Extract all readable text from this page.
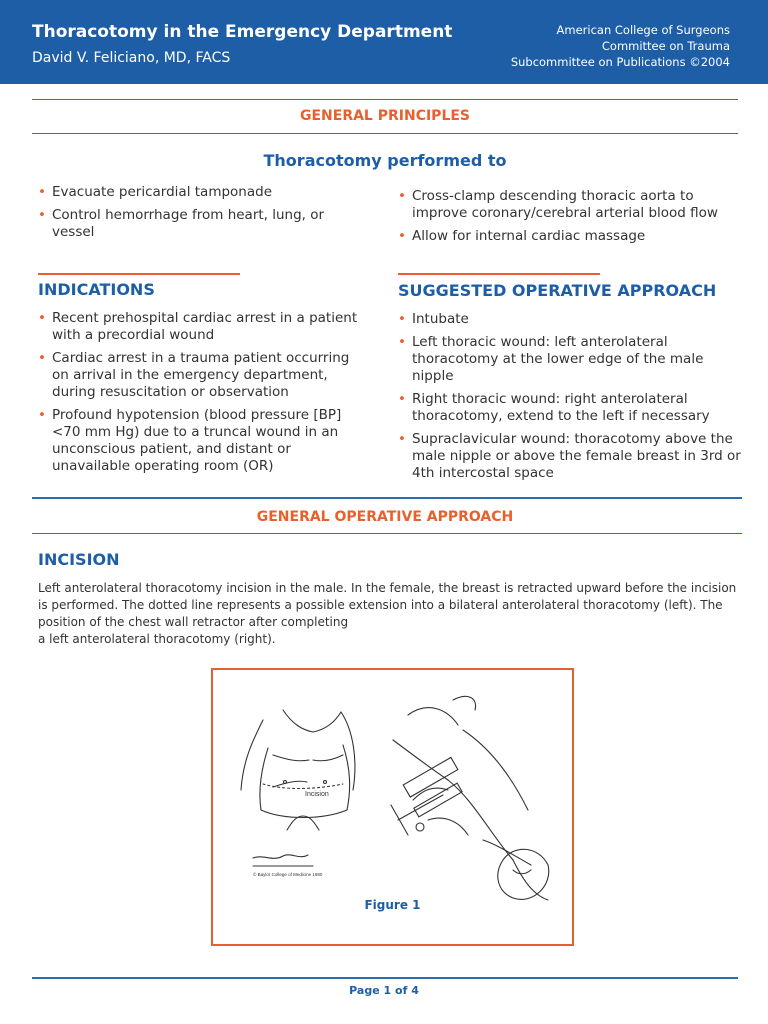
Thoracotomy in the Emergency Department
David V. Feliciano, MD, FACS
American College of Surgeons
Committee on Trauma
Subcommittee on Publications ©2004
GENERAL PRINCIPLES
Thoracotomy performed to
• Evacuate pericardial tamponade
• Control hemorrhage from heart, lung, or vessel
• Cross-clamp descending thoracic aorta to improve coronary/cerebral arterial blood flow
• Allow for internal cardiac massage
INDICATIONS
• Recent prehospital cardiac arrest in a patient with a precordial wound
• Cardiac arrest in a trauma patient occurring on arrival in the emergency department, during resuscitation or observation
• Profound hypotension (blood pressure [BP] <70 mm Hg) due to a truncal wound in an unconscious patient, and distant or unavailable operating room (OR)
SUGGESTED OPERATIVE APPROACH
• Intubate
• Left thoracic wound: left anterolateral thoracotomy at the lower edge of the male nipple
• Right thoracic wound: right anterolateral thoracotomy, extend to the left if necessary
• Supraclavicular wound: thoracotomy above the male nipple or above the female breast in 3rd or 4th intercostal space
GENERAL OPERATIVE APPROACH
INCISION
Left anterolateral thoracotomy incision in the male. In the female, the breast is retracted upward before the incision
is performed. The dotted line represents a possible extension into a bilateral anterolateral thoracotomy (left). The
position of the chest wall retractor after completing
a left anterolateral thoracotomy (right).
Incision
© Baylor College of Medicine 1980
Figure 1
Page 1 of 4
